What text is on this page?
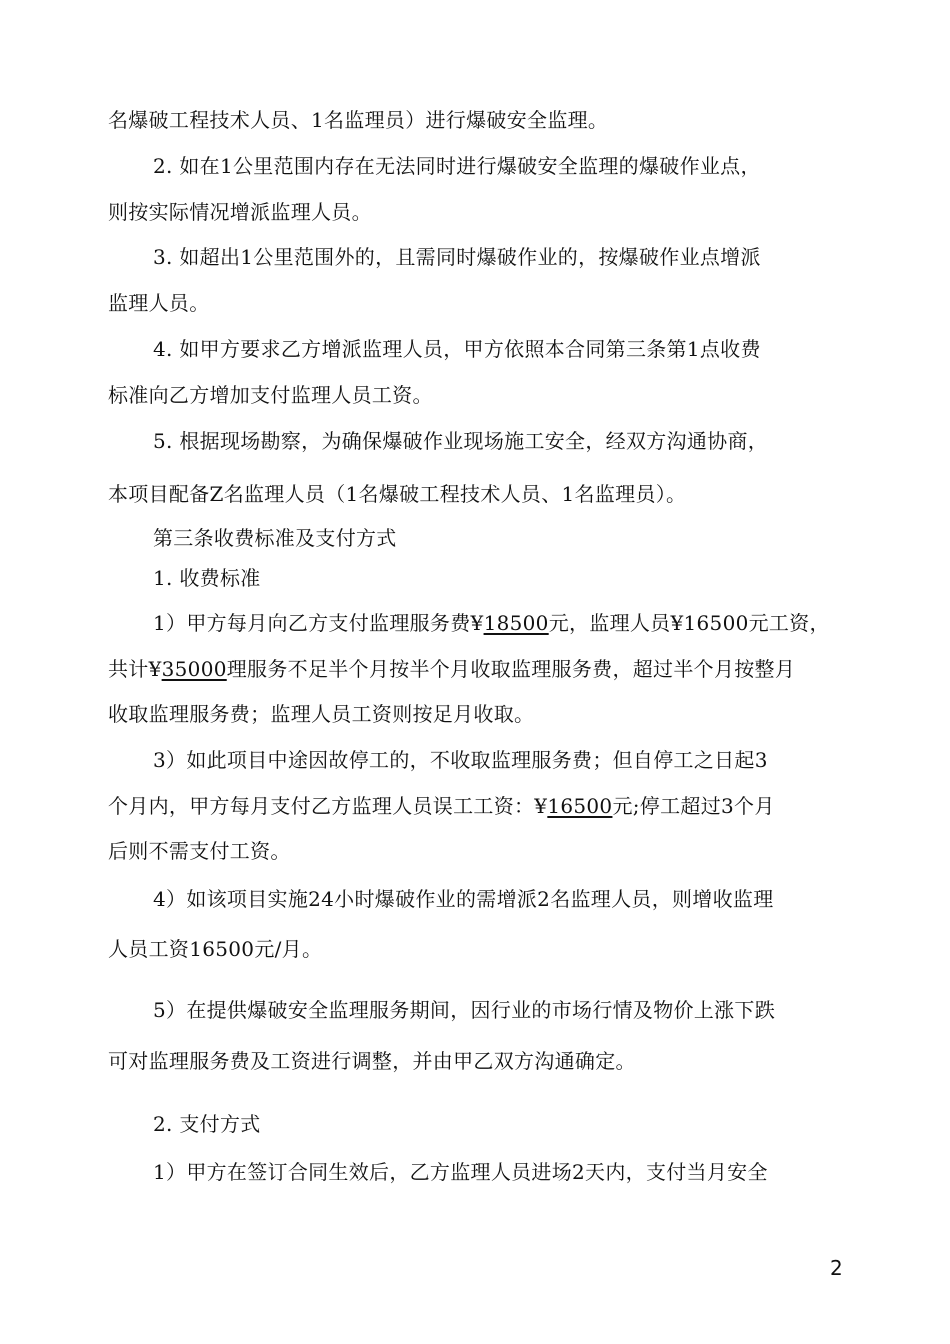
名爆破工程技术人员、1名监理员）进行爆破安全监理。
2. 如在1公里范围内存在无法同时进行爆破安全监理的爆破作业点，
则按实际情况增派监理人员。
3. 如超出1公里范围外的，且需同时爆破作业的，按爆破作业点增派
监理人员。
4. 如甲方要求乙方增派监理人员，甲方依照本合同第三条第1点收费
标准向乙方增加支付监理人员工资。
5. 根据现场勘察，为确保爆破作业现场施工安全，经双方沟通协商，
本项目配备Z名监理人员（1名爆破工程技术人员、1名监理员）。
第三条收费标准及支付方式
1. 收费标准
1）甲方每月向乙方支付监理服务费¥18500元，监理人员¥16500元工资，
共计¥35000理服务不足半个月按半个月收取监理服务费，超过半个月按整月
收取监理服务费；监理人员工资则按足月收取。
3）如此项目中途因故停工的，不收取监理服务费；但自停工之日起3
个月内，甲方每月支付乙方监理人员误工工资：¥16500元;停工超过3个月
后则不需支付工资。
4）如该项目实施24小时爆破作业的需增派2名监理人员，则增收监理
人员工资16500元/月。
5）在提供爆破安全监理服务期间，因行业的市场行情及物价上涨下跌
可对监理服务费及工资进行调整，并由甲乙双方沟通确定。
2. 支付方式
1）甲方在签订合同生效后，乙方监理人员进场2天内，支付当月安全
2
